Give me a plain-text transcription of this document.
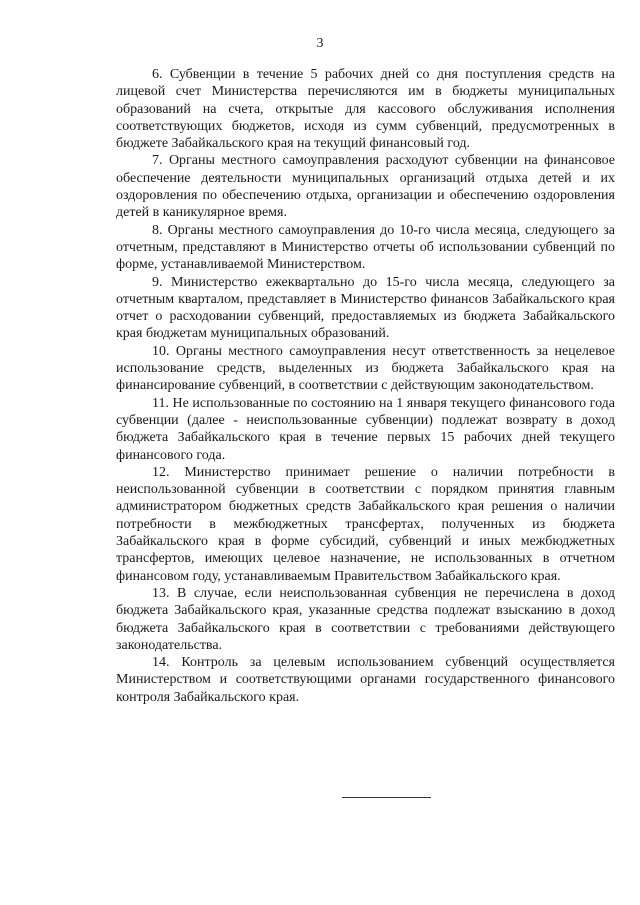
3

6. Субвенции в течение 5 рабочих дней со дня поступления средств на лицевой счет Министерства перечисляются им в бюджеты муниципальных образований на счета, открытые для кассового обслуживания исполнения соответствующих бюджетов, исходя из сумм субвенций, предусмотренных в бюджете Забайкальского края на текущий финансовый год.

7. Органы местного самоуправления расходуют субвенции на финансовое обеспечение деятельности муниципальных организаций отдыха детей и их оздоровления по обеспечению отдыха, организации и обеспечению оздоровления детей в каникулярное время.

8. Органы местного самоуправления до 10-го числа месяца, следующего за отчетным, представляют в Министерство отчеты об использовании субвенций по форме, устанавливаемой Министерством.

9. Министерство ежеквартально до 15-го числа месяца, следующего за отчетным кварталом, представляет в Министерство финансов Забайкальского края отчет о расходовании субвенций, предоставляемых из бюджета Забайкальского края бюджетам муниципальных образований.

10. Органы местного самоуправления несут ответственность за нецелевое использование средств, выделенных из бюджета Забайкальского края на финансирование субвенций, в соответствии с действующим законодательством.

11. Не использованные по состоянию на 1 января текущего финансового года субвенции (далее - неиспользованные субвенции) подлежат возврату в доход бюджета Забайкальского края в течение первых 15 рабочих дней текущего финансового года.

12. Министерство принимает решение о наличии потребности в неиспользованной субвенции в соответствии с порядком принятия главным администратором бюджетных средств Забайкальского края решения о наличии потребности в межбюджетных трансфертах, полученных из бюджета Забайкальского края в форме субсидий, субвенций и иных межбюджетных трансфертов, имеющих целевое назначение, не использованных в отчетном финансовом году, устанавливаемым Правительством Забайкальского края.

13. В случае, если неиспользованная субвенция не перечислена в доход бюджета Забайкальского края, указанные средства подлежат взысканию в доход бюджета Забайкальского края в соответствии с требованиями действующего законодательства.

14. Контроль за целевым использованием субвенций осуществляется Министерством и соответствующими органами государственного финансового контроля Забайкальского края.
